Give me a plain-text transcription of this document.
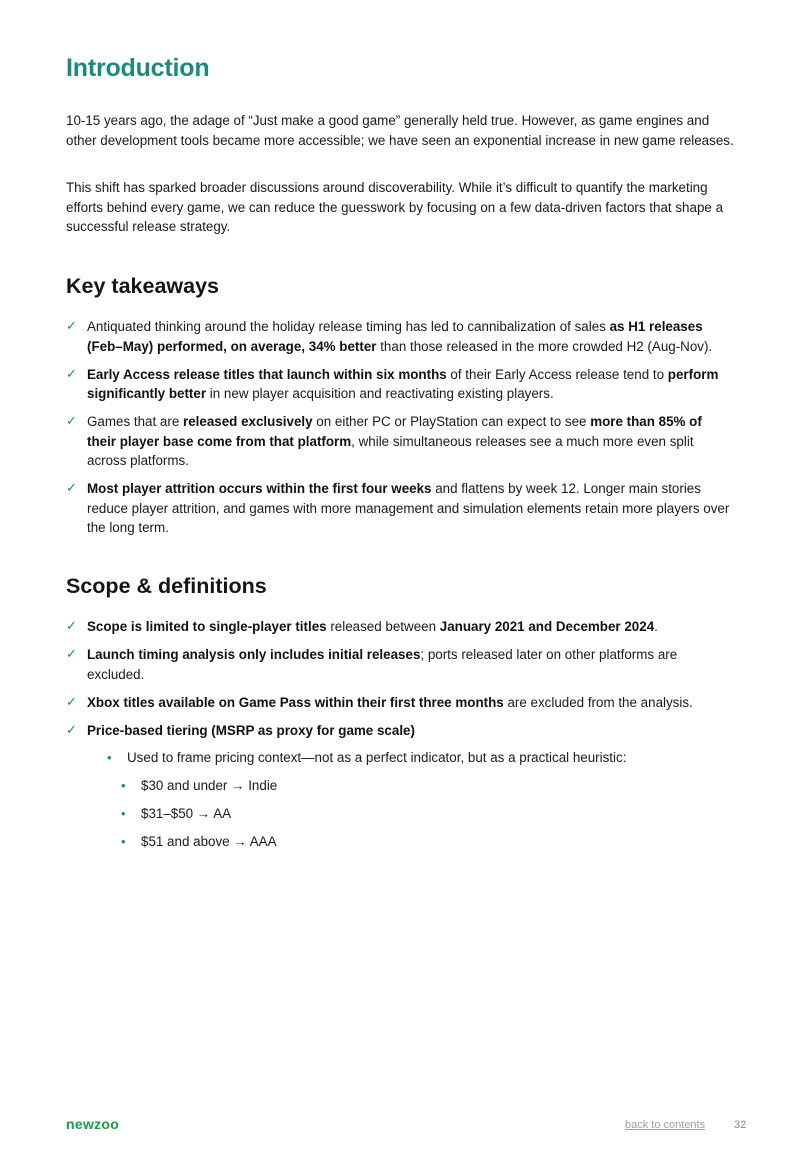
Introduction

10-15 years ago, the adage of “Just make a good game” generally held true. However, as game engines and other development tools became more accessible; we have seen an exponential increase in new game releases.

This shift has sparked broader discussions around discoverability. While it’s difficult to quantify the marketing efforts behind every game, we can reduce the guesswork by focusing on a few data-driven factors that shape a successful release strategy.

Key takeaways
✓ Antiquated thinking around the holiday release timing has led to cannibalization of sales as H1 releases (Feb–May) performed, on average, 34% better than those released in the more crowded H2 (Aug-Nov).
✓ Early Access release titles that launch within six months of their Early Access release tend to perform significantly better in new player acquisition and reactivating existing players.
✓ Games that are released exclusively on either PC or PlayStation can expect to see more than 85% of their player base come from that platform, while simultaneous releases see a much more even split across platforms.
✓ Most player attrition occurs within the first four weeks and flattens by week 12. Longer main stories reduce player attrition, and games with more management and simulation elements retain more players over the long term.
Scope & definitions
✓ Scope is limited to single-player titles released between January 2021 and December 2024.
✓ Launch timing analysis only includes initial releases; ports released later on other platforms are excluded.
✓ Xbox titles available on Game Pass within their first three months are excluded from the analysis.
✓ Price-based tiering (MSRP as proxy for game scale)
• Used to frame pricing context—not as a perfect indicator, but as a practical heuristic:
• $30 and under → Indie
• $31–$50 → AA
• $51 and above → AAA
newzoo	back to contents	32
